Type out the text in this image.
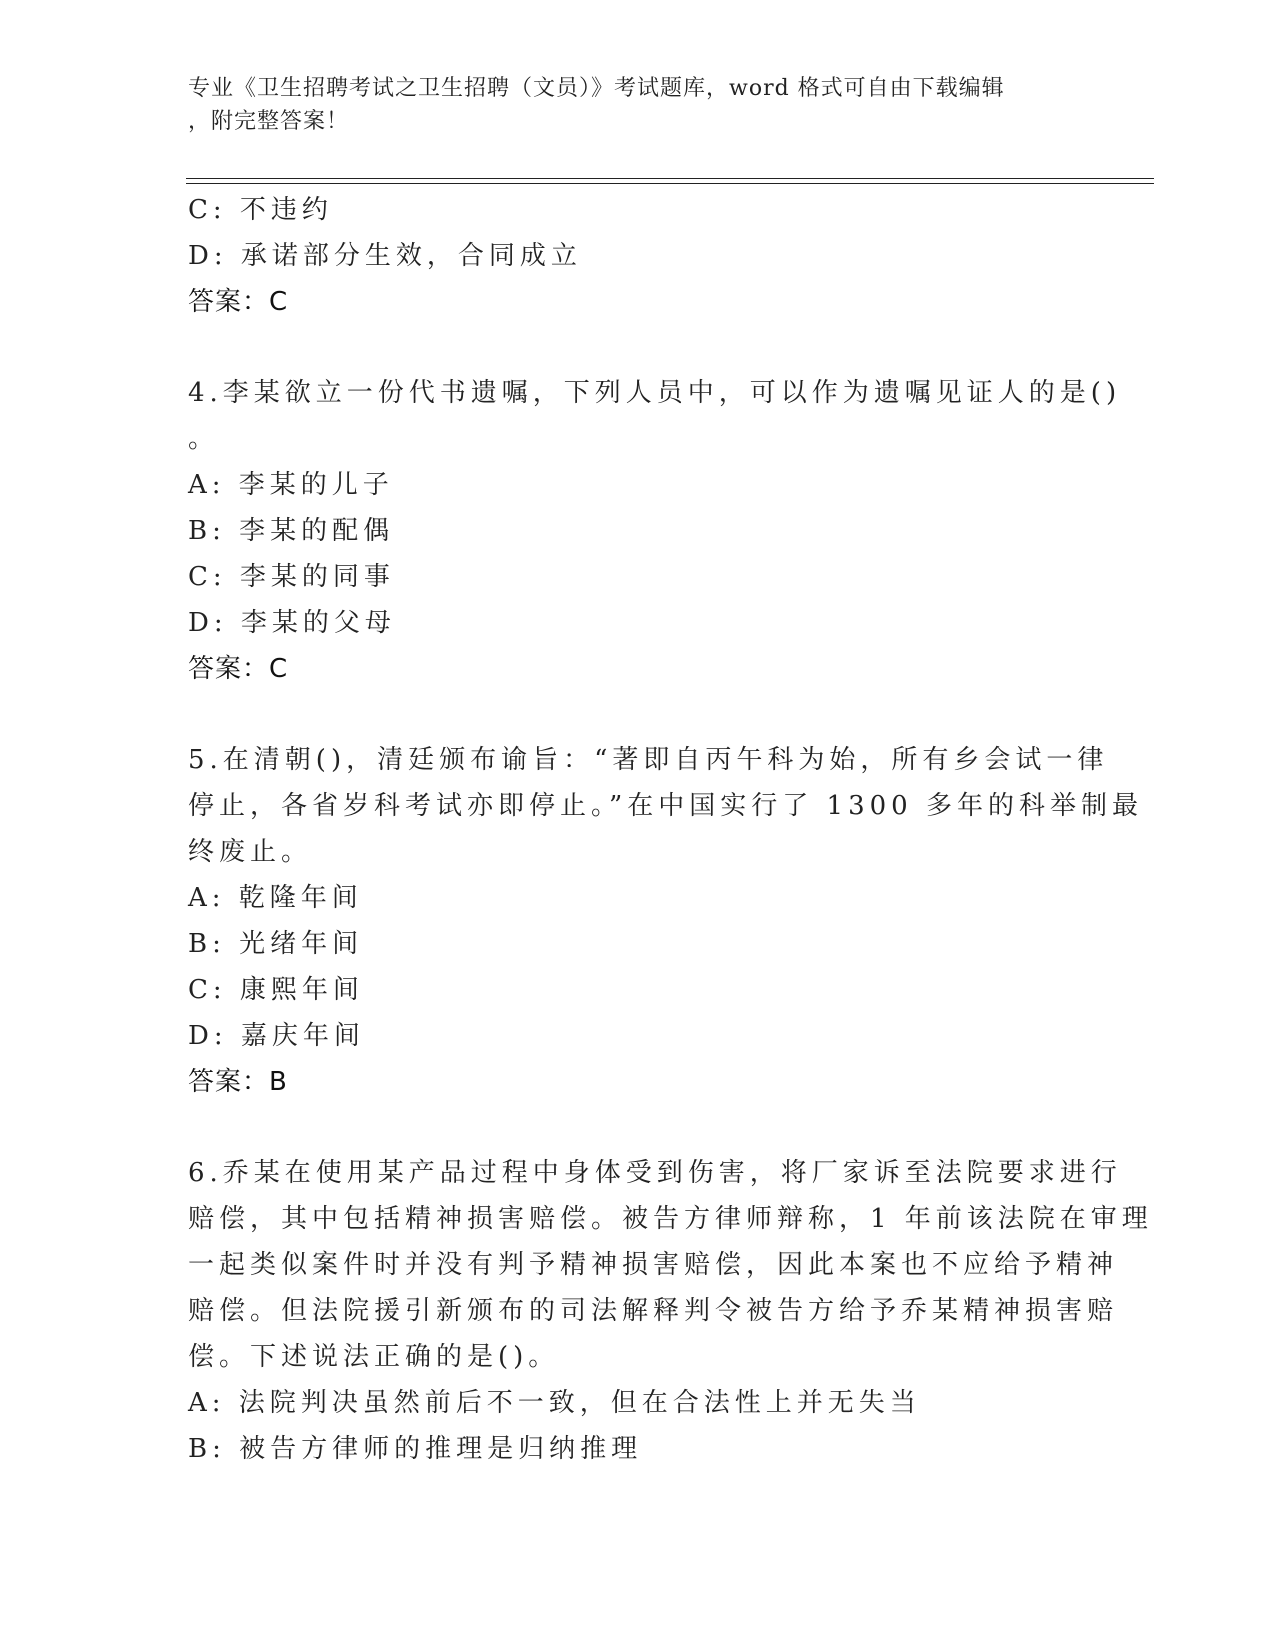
专业《卫生招聘考试之卫生招聘（文员）》考试题库，word 格式可自由下载编辑
，附完整答案！
C: 不违约
D: 承诺部分生效，合同成立
答案：C
4.李某欲立一份代书遗嘱，下列人员中，可以作为遗嘱见证人的是()
。
A: 李某的儿子
B: 李某的配偶
C: 李某的同事
D: 李某的父母
答案：C
5.在清朝()，清廷颁布谕旨：“著即自丙午科为始，所有乡会试一律
停止，各省岁科考试亦即停止。”在中国实行了 1300 多年的科举制最
终废止。
A: 乾隆年间
B: 光绪年间
C: 康熙年间
D: 嘉庆年间
答案：B
6.乔某在使用某产品过程中身体受到伤害，将厂家诉至法院要求进行
赔偿，其中包括精神损害赔偿。被告方律师辩称，1 年前该法院在审理
一起类似案件时并没有判予精神损害赔偿，因此本案也不应给予精神
赔偿。但法院援引新颁布的司法解释判令被告方给予乔某精神损害赔
偿。下述说法正确的是()。
A: 法院判决虽然前后不一致，但在合法性上并无失当
B: 被告方律师的推理是归纳推理
